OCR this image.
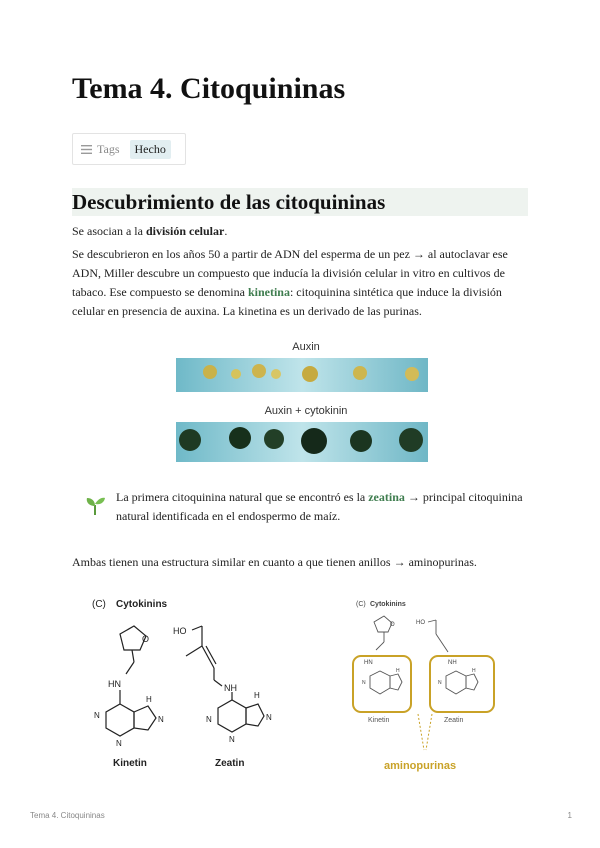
Tema 4. Citoquininas
Tags	Hecho
Descubrimiento de las citoquininas
Se asocian a la división celular.
Se descubrieron en los años 50 a partir de ADN del esperma de un pez → al autoclavar ese ADN, Miller descubre un compuesto que inducía la división celular in vitro en cultivos de tabaco. Ese compuesto se denomina kinetina: citoquinina sintética que induce la división celular en presencia de auxina. La kinetina es un derivado de las purinas.
Auxin
Auxin + cytokinin
La primera citoquinina natural que se encontró es la zeatina → principal citoquinina natural identificada en el endospermo de maíz.
Ambas tienen una estructura similar en cuanto a que tienen anillos → aminopurinas.
(C) Cytokinins
O
HN
H
N
N
N
Kinetin
HO
NH
H
N
N
N
Zeatin
(C) Cytokinins
O	HO
HN	NH
H	H
N	N
Kinetin	Zeatin
aminopurinas
Tema 4. Citoquininas	1
